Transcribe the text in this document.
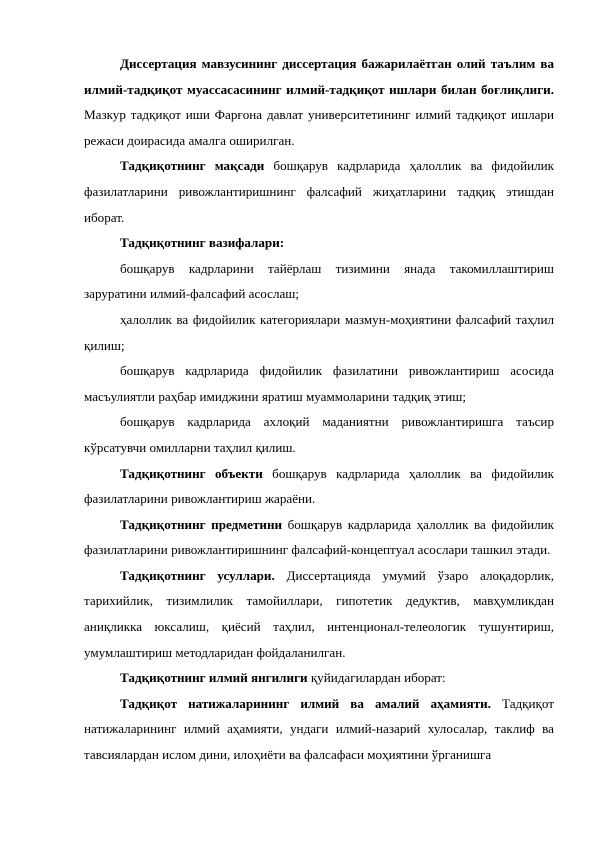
Диссертация мавзусининг диссертация бажарилаётган олий таълим ва илмий-тадқиқот муассасасининг илмий-тадқиқот ишлари билан боғлиқлиги. Мазкур тадқиқот иши Фарғона давлат университетининг илмий тадқиқот ишлари режаси доирасида амалга оширилган.

Тадқиқотнинг мақсади бошқарув кадрларида ҳалоллик ва фидойилик фазилатларини ривожлантиришнинг фалсафий жиҳатларини тадқиқ этишдан иборат.

Тадқиқотнинг вазифалари:

бошқарув кадрларини тайёрлаш тизимини янада такомиллаштириш заруратини илмий-фалсафий асослаш;

ҳалоллик ва фидойилик категориялари мазмун-моҳиятини фалсафий таҳлил қилиш;

бошқарув кадрларида фидойилик фазилатини ривожлантириш асосида масъулиятли раҳбар имиджини яратиш муаммоларини тадқиқ этиш;

бошқарув кадрларида ахлоқий маданиятни ривожлантиришга таъсир кўрсатувчи омилларни таҳлил қилиш.

Тадқиқотнинг объекти бошқарув кадрларида ҳалоллик ва фидойилик фазилатларини ривожлантириш жараёни.

Тадқиқотнинг предметини бошқарув кадрларида ҳалоллик ва фидойилик фазилатларини ривожлантиришнинг фалсафий-концептуал асослари ташкил этади.

Тадқиқотнинг усуллари. Диссертацияда умумий ўзаро алоқадорлик, тарихийлик, тизимлилик тамойиллари, гипотетик дедуктив, мавҳумликдан аниқликка юксалиш, қиёсий таҳлил, интенционал-телеологик тушунтириш, умумлаштириш методларидан фойдаланилган.

Тадқиқотнинг илмий янгилиги қуйидагилардан иборат:

Тадқиқот натижаларининг илмий ва амалий аҳамияти. Тадқиқот натижаларининг илмий аҳамияти, ундаги илмий-назарий хулосалар, таклиф ва тавсиялардан ислом дини, илоҳиёти ва фалсафаси моҳиятини ўрганишга
